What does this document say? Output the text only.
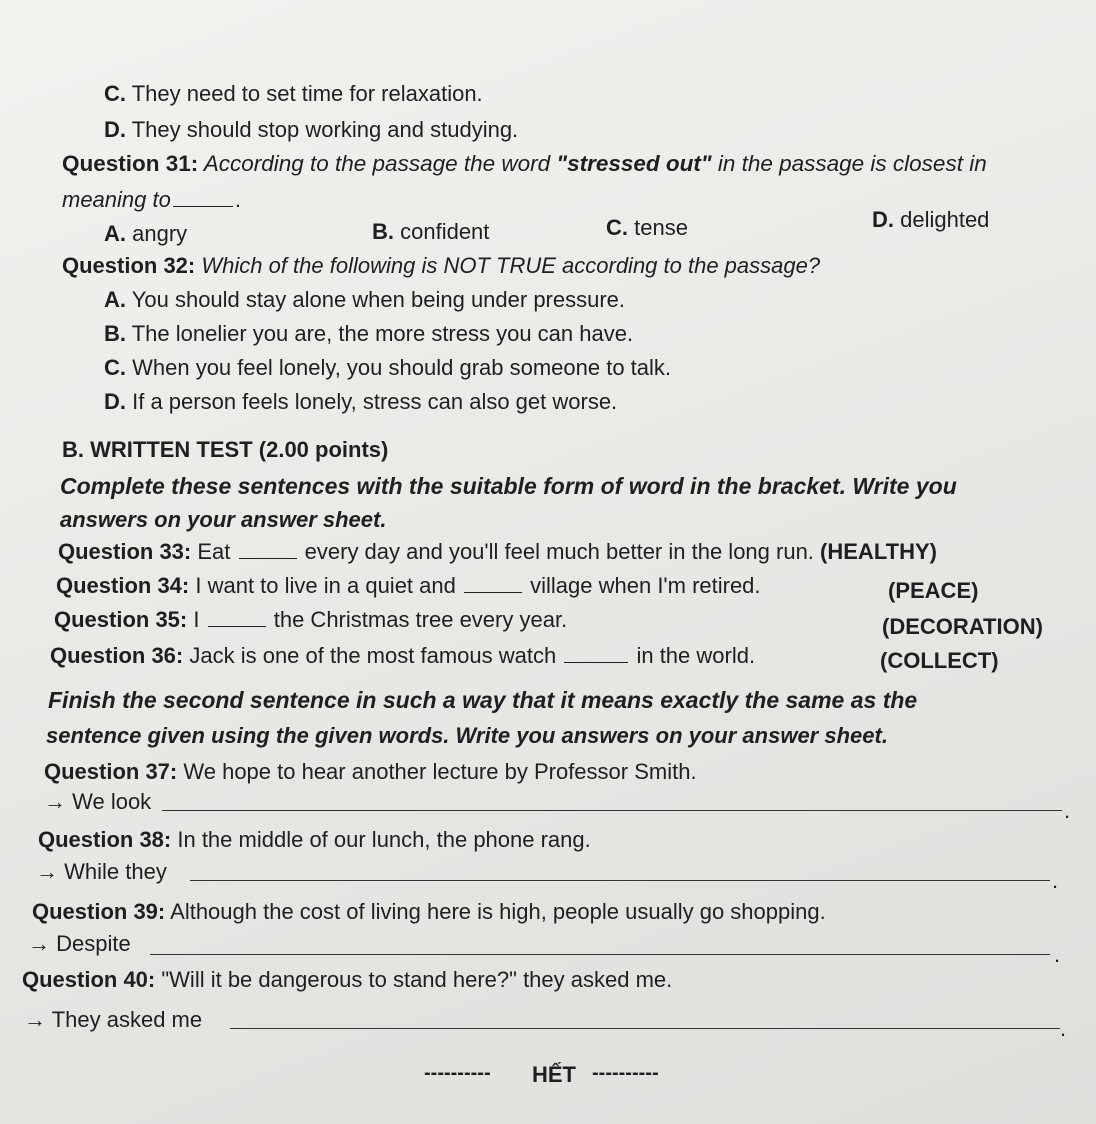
C. They need to set time for relaxation.
D. They should stop working and studying.
Question 31: According to the passage the word "stressed out" in the passage is closest in
meaning to	.
A. angry	B. confident	C. tense	D. delighted
Question 32: Which of the following is NOT TRUE according to the passage?
A. You should stay alone when being under pressure.
B. The lonelier you are, the more stress you can have.
C. When you feel lonely, you should grab someone to talk.
D. If a person feels lonely, stress can also get worse.
B. WRITTEN TEST (2.00 points)
Complete these sentences with the suitable form of word in the bracket. Write you
answers on your answer sheet.
Question 33: Eat	every day and you'll feel much better in the long run. (HEALTHY)
Question 34: I want to live in a quiet and	village when I'm retired.	(PEACE)
Question 35: I	the Christmas tree every year.	(DECORATION)
Question 36: Jack is one of the most famous watch	in the world.	(COLLECT)
Finish the second sentence in such a way that it means exactly the same as the
sentence given using the given words. Write you answers on your answer sheet.
Question 37: We hope to hear another lecture by Professor Smith.
→ We look	.
Question 38: In the middle of our lunch, the phone rang.
→ While they	.
Question 39: Although the cost of living here is high, people usually go shopping.
→ Despite	.
Question 40: "Will it be dangerous to stand here?" they asked me.
→ They asked me	.
---------- HẾT ----------
